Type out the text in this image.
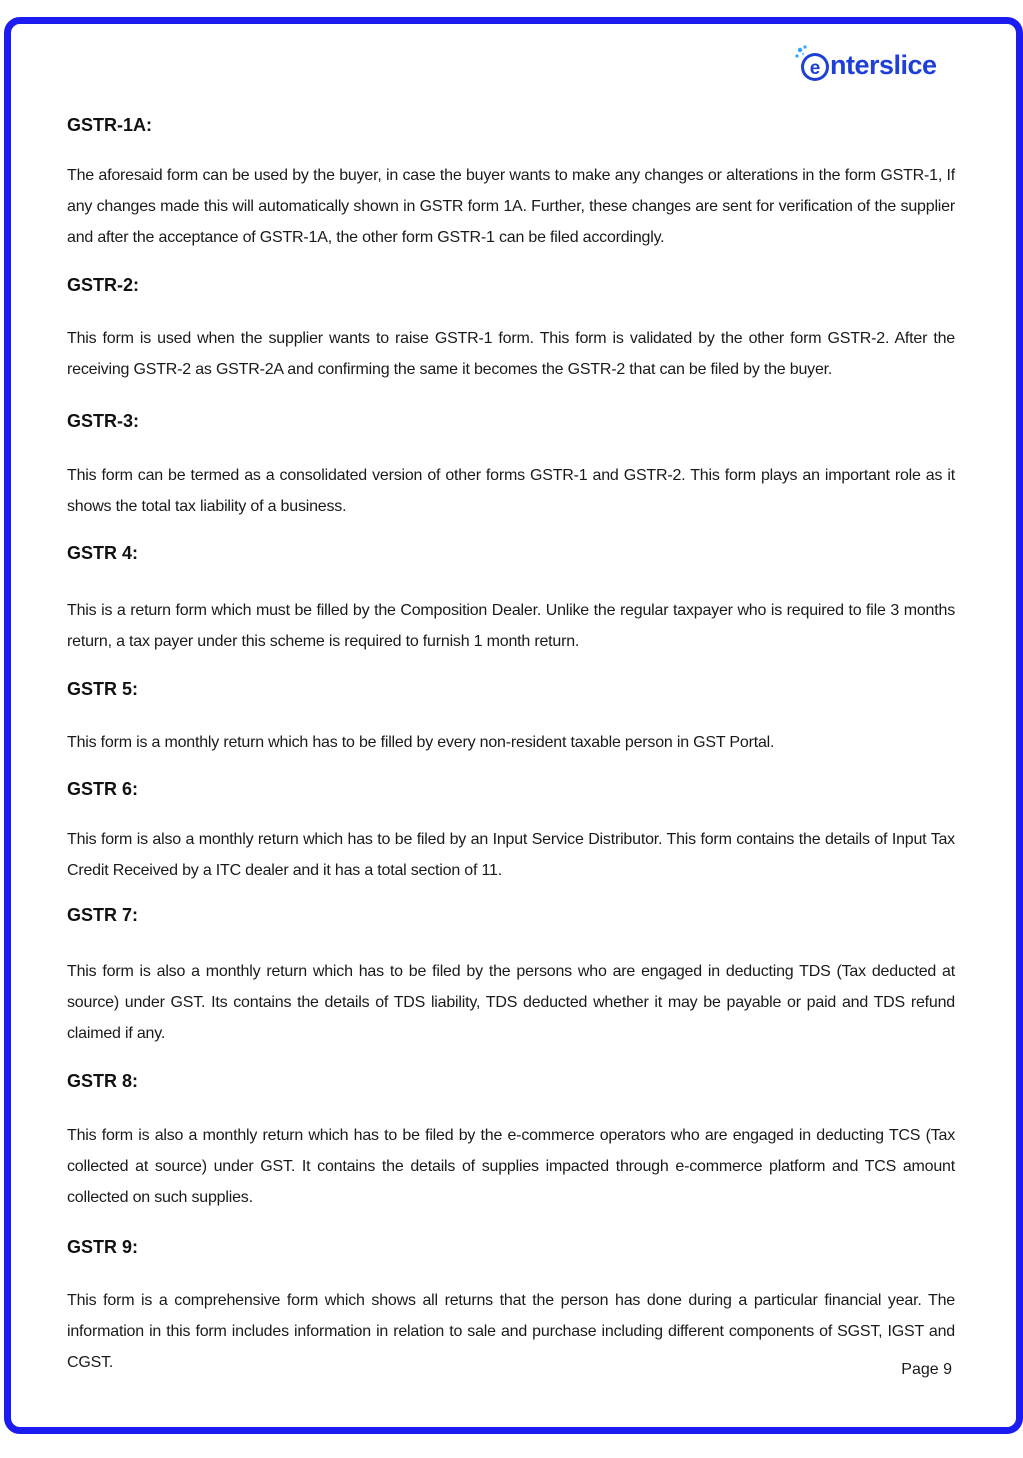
e nterslice
GSTR-1A:

The aforesaid form can be used by the buyer, in case the buyer wants to make any changes or alterations in the form GSTR-1, If any changes made this will automatically shown in GSTR form 1A. Further, these changes are sent for verification of the supplier and after the acceptance of GSTR-1A, the other form GSTR-1 can be filed accordingly.

GSTR-2:

This form is used when the supplier wants to raise GSTR-1 form. This form is validated by the other form GSTR-2. After the receiving GSTR-2 as GSTR-2A and confirming the same it becomes the GSTR-2 that can be filed by the buyer.

GSTR-3:

This form can be termed as a consolidated version of other forms GSTR-1 and GSTR-2. This form plays an important role as it shows the total tax liability of a business.

GSTR 4:

This is a return form which must be filled by the Composition Dealer. Unlike the regular taxpayer who is required to file 3 months return, a tax payer under this scheme is required to furnish 1 month return.

GSTR 5:

This form is a monthly return which has to be filled by every non-resident taxable person in GST Portal.

GSTR 6:

This form is also a monthly return which has to be filed by an Input Service Distributor. This form contains the details of Input Tax Credit Received by a ITC dealer and it has a total section of 11.

GSTR 7:

This form is also a monthly return which has to be filed by the persons who are engaged in deducting TDS (Tax deducted at source) under GST. Its contains the details of TDS liability, TDS deducted whether it may be payable or paid and TDS refund claimed if any.

GSTR 8:

This form is also a monthly return which has to be filed by the e-commerce operators who are engaged in deducting TCS (Tax collected at source) under GST. It contains the details of supplies impacted through e-commerce platform and TCS amount collected on such supplies.

GSTR 9:

This form is a comprehensive form which shows all returns that the person has done during a particular financial year. The information in this form includes information in relation to sale and purchase including different components of SGST, IGST and CGST.	Page 9
